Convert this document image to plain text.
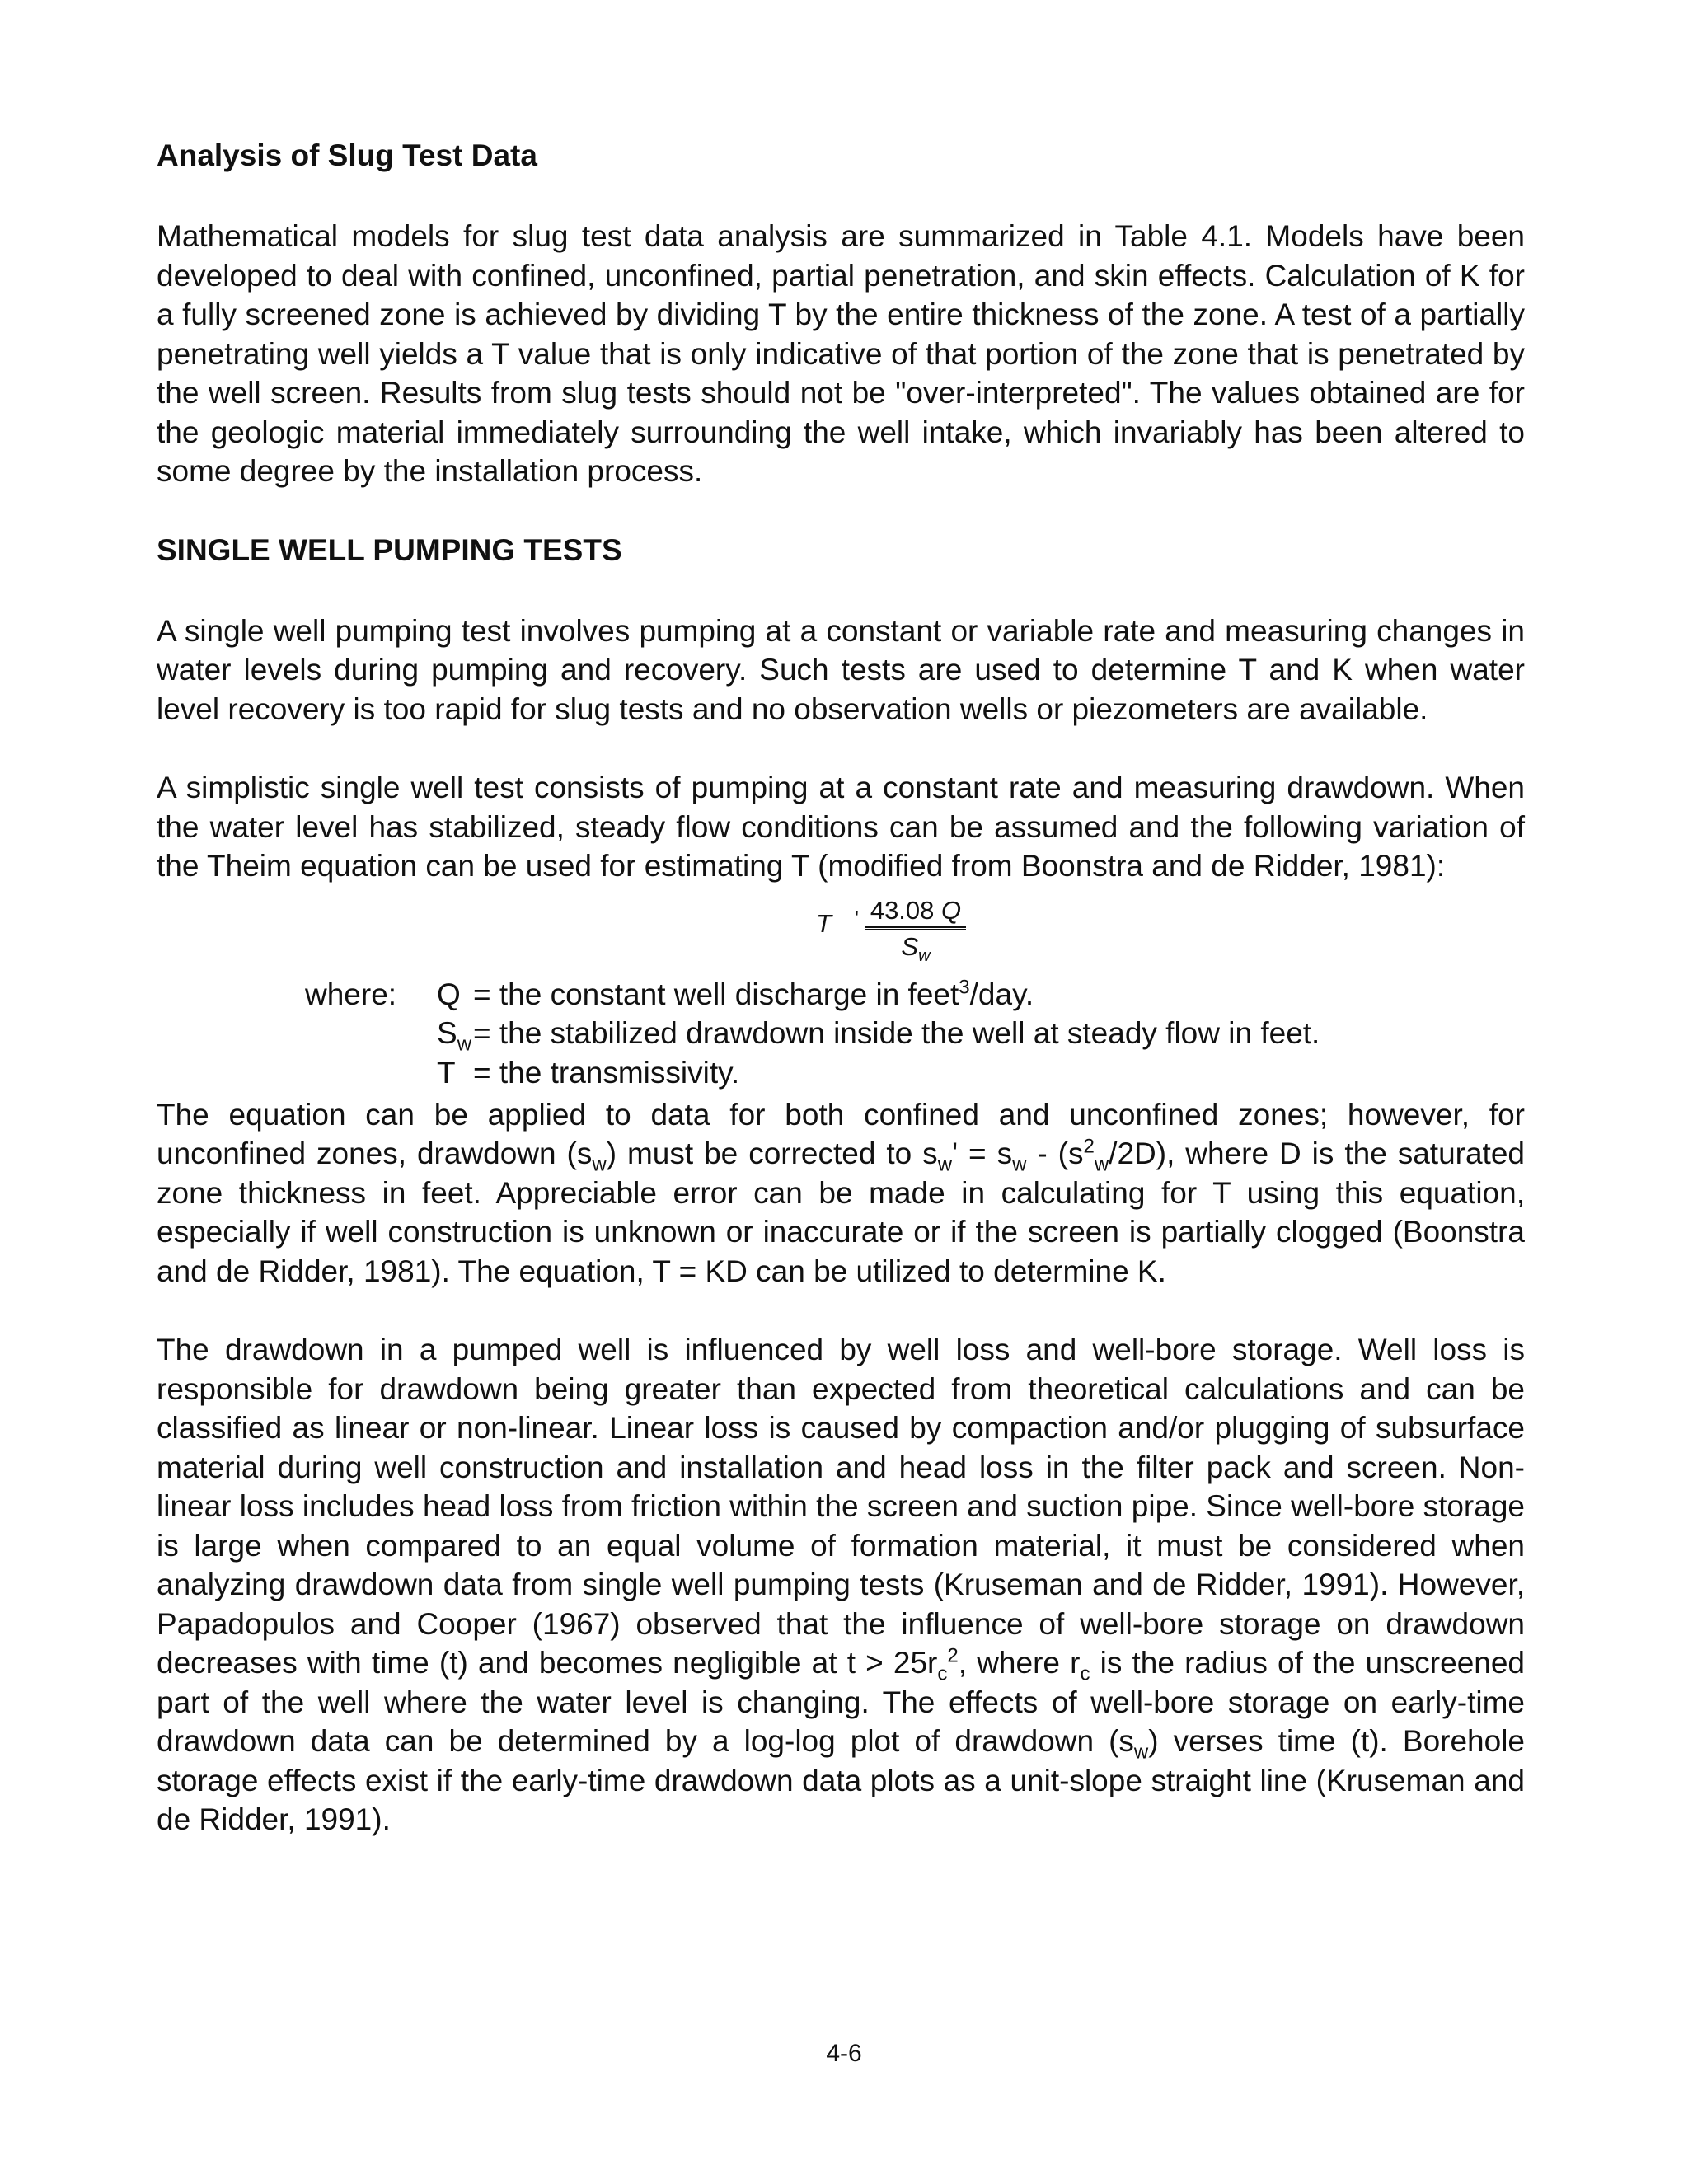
Analysis of Slug Test Data

Mathematical models for slug test data analysis are summarized in Table 4.1. Models have been developed to deal with confined, unconfined, partial penetration, and skin effects. Calculation of K for a fully screened zone is achieved by dividing T by the entire thickness of the zone. A test of a partially penetrating well yields a T value that is only indicative of that portion of the zone that is penetrated by the well screen. Results from slug tests should not be "over-interpreted". The values obtained are for the geologic material immediately surrounding the well intake, which invariably has been altered to some degree by the installation process.

SINGLE WELL PUMPING TESTS

A single well pumping test involves pumping at a constant or variable rate and measuring changes in water levels during pumping and recovery. Such tests are used to determine T and K when water level recovery is too rapid for slug tests and no observation wells or piezometers are available.

A simplistic single well test consists of pumping at a constant rate and measuring drawdown. When the water level has stabilized, steady flow conditions can be assumed and the following variation of the Theim equation can be used for estimating T (modified from Boonstra and de Ridder, 1981):

T ' $\frac{43.08 Q}{S_w}$
where: Q = the constant well discharge in feet$^3$/day.
$S_w=$ the stabilized drawdown inside the well at steady flow in feet.
T = the transmissivity.

The equation can be applied to data for both confined and unconfined zones; however, for unconfined zones, drawdown $(s_w)$ must be corrected to $s_w' = s_w - (s^2_w/2D)$, where D is the saturated zone thickness in feet. Appreciable error can be made in calculating for T using this equation, especially if well construction is unknown or inaccurate or if the screen is partially clogged (Boonstra and de Ridder, 1981). The equation, T = KD can be utilized to determine K.

The drawdown in a pumped well is influenced by well loss and well-bore storage. Well loss is responsible for drawdown being greater than expected from theoretical calculations and can be classified as linear or non-linear. Linear loss is caused by compaction and/or plugging of subsurface material during well construction and installation and head loss in the filter pack and screen. Non-linear loss includes head loss from friction within the screen and suction pipe. Since well-bore storage is large when compared to an equal volume of formation material, it must be considered when analyzing drawdown data from single well pumping tests (Kruseman and de Ridder, 1991). However, Papadopulos and Cooper (1967) observed that the influence of well-bore storage on drawdown decreases with time (t) and becomes negligible at $t > 25r_c^2$, where $r_c$ is the radius of the unscreened part of the well where the water level is changing. The effects of well-bore storage on early-time drawdown data can be determined by a log-log plot of drawdown $(s_w)$ verses time (t). Borehole storage effects exist if the early-time drawdown data plots as a unit-slope straight line (Kruseman and de Ridder, 1991).

4-6
